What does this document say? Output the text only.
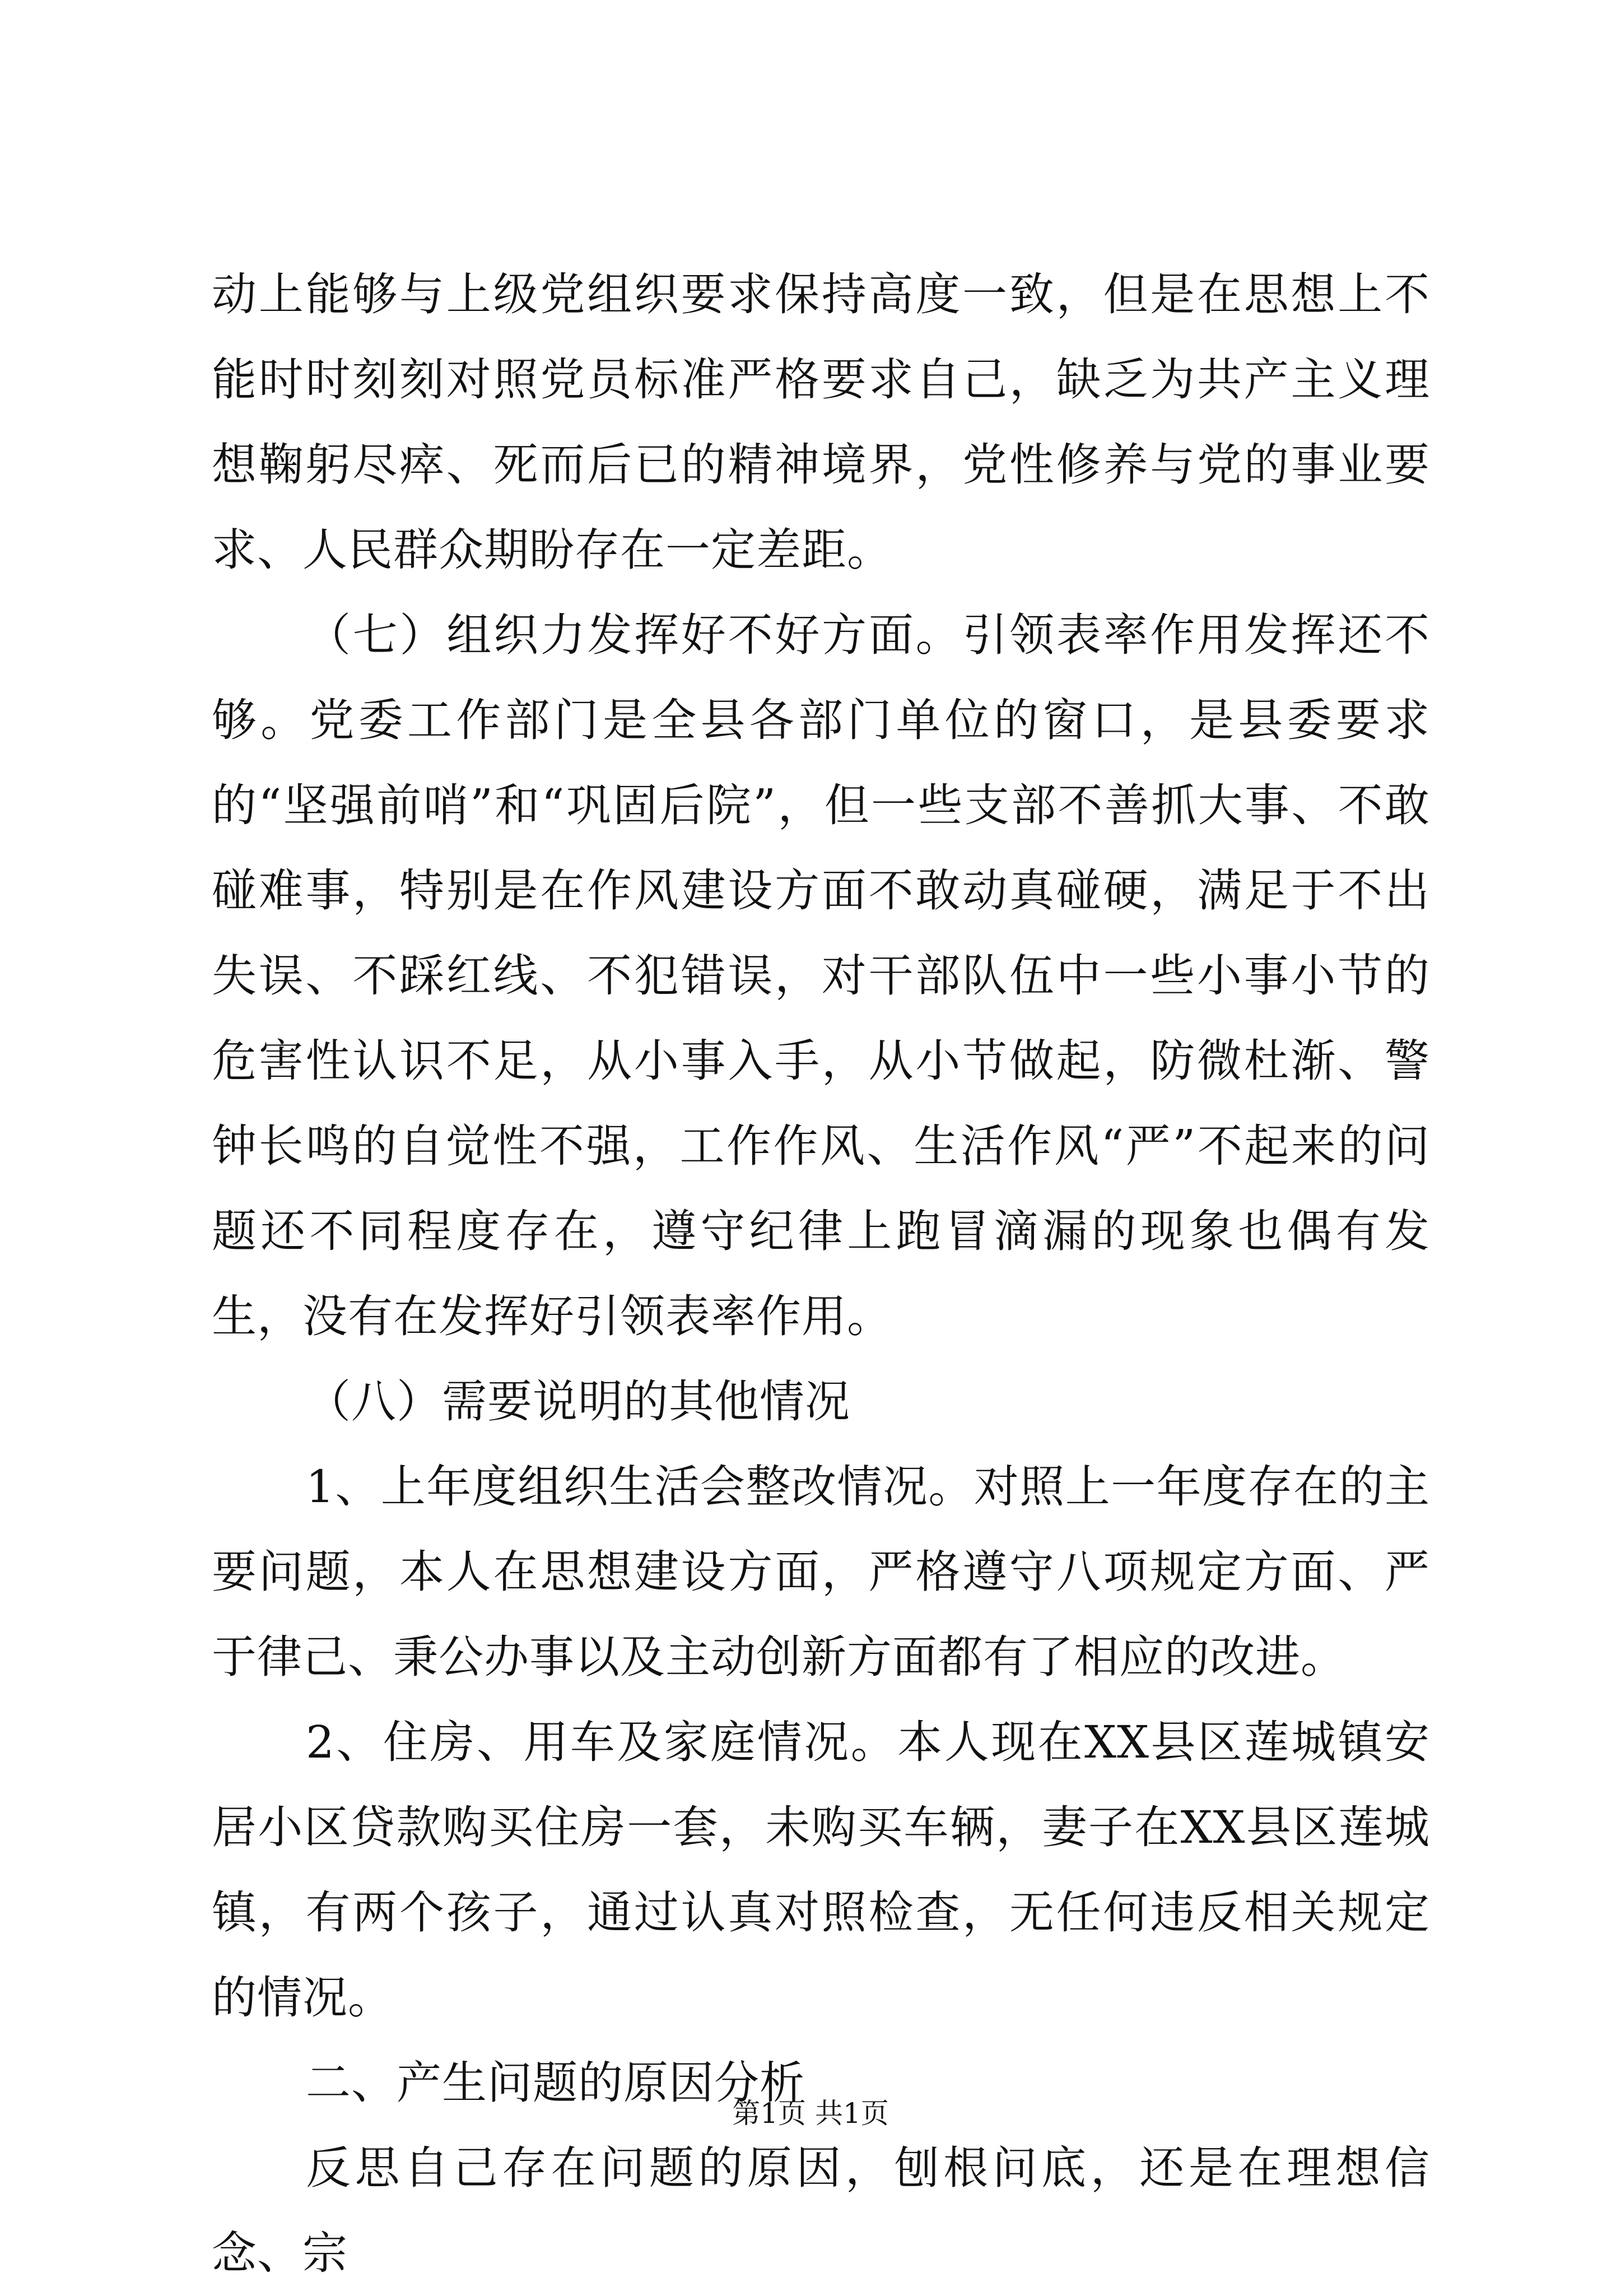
动上能够与上级党组织要求保持高度一致，但是在思想上不能时时刻刻对照党员标准严格要求自己，缺乏为共产主义理想鞠躬尽瘁、死而后已的精神境界，党性修养与党的事业要求、人民群众期盼存在一定差距。

（七）组织力发挥好不好方面。引领表率作用发挥还不够。党委工作部门是全县各部门单位的窗口，是县委要求的“坚强前哨”和“巩固后院”，但一些支部不善抓大事、不敢碰难事，特别是在作风建设方面不敢动真碰硬，满足于不出失误、不踩红线、不犯错误，对干部队伍中一些小事小节的危害性认识不足，从小事入手，从小节做起，防微杜渐、警钟长鸣的自觉性不强，工作作风、生活作风“严”不起来的问题还不同程度存在，遵守纪律上跑冒滴漏的现象也偶有发生，没有在发挥好引领表率作用。

（八）需要说明的其他情况

1、上年度组织生活会整改情况。对照上一年度存在的主要问题，本人在思想建设方面，严格遵守八项规定方面、严于律己、秉公办事以及主动创新方面都有了相应的改进。

2、住房、用车及家庭情况。本人现在XX县区莲城镇安居小区贷款购买住房一套，未购买车辆，妻子在XX县区莲城镇，有两个孩子，通过认真对照检查，无任何违反相关规定的情况。

二、产生问题的原因分析

反思自己存在问题的原因，刨根问底，还是在理想信念、宗

第1页 共1页
